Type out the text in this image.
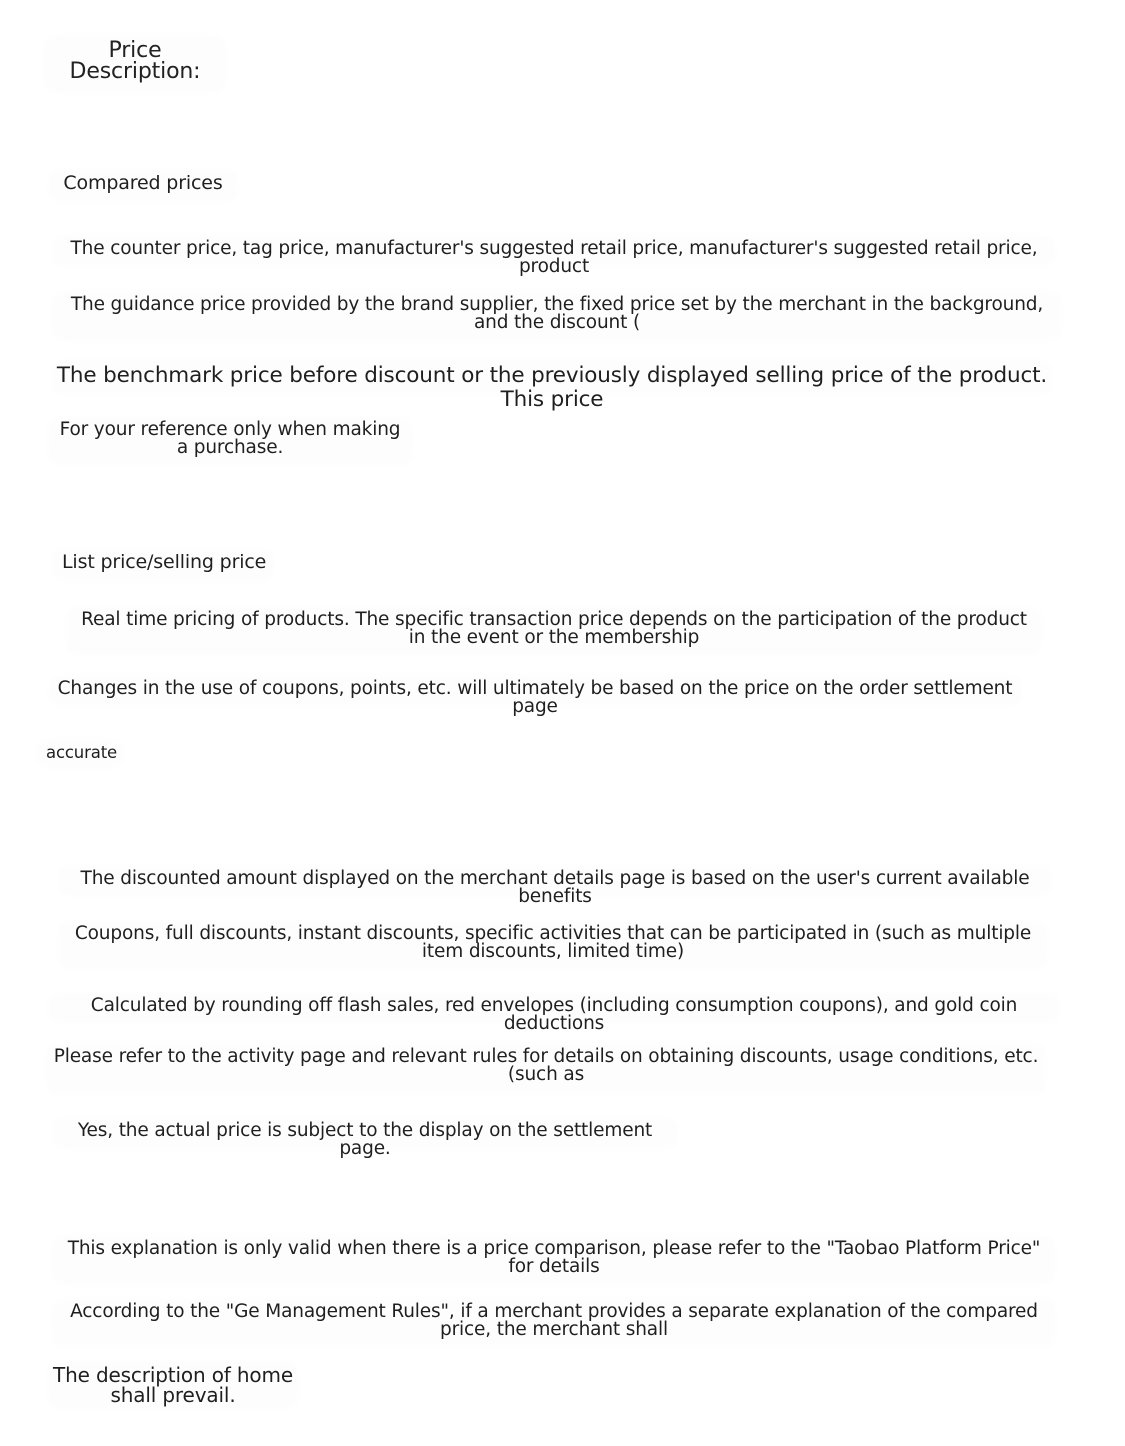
Price
Description:
Compared prices
The counter price, tag price, manufacturer's suggested retail price, manufacturer's suggested retail price, product
The guidance price provided by the brand supplier, the fixed price set by the merchant in the background, and the discount (
The benchmark price before discount or the previously displayed selling price of the product. This price
For your reference only when making a purchase.
List price/selling price
Real time pricing of products. The specific transaction price depends on the participation of the product in the event or the membership
Changes in the use of coupons, points, etc. will ultimately be based on the price on the order settlement page
accurate
The discounted amount displayed on the merchant details page is based on the user's current available benefits
Coupons, full discounts, instant discounts, specific activities that can be participated in (such as multiple item discounts, limited time)
Calculated by rounding off flash sales, red envelopes (including consumption coupons), and gold coin deductions
Please refer to the activity page and relevant rules for details on obtaining discounts, usage conditions, etc. (such as
Yes, the actual price is subject to the display on the settlement page.
This explanation is only valid when there is a price comparison, please refer to the "Taobao Platform Price" for details
According to the "Ge Management Rules", if a merchant provides a separate explanation of the compared price, the merchant shall
The description of home shall prevail.
